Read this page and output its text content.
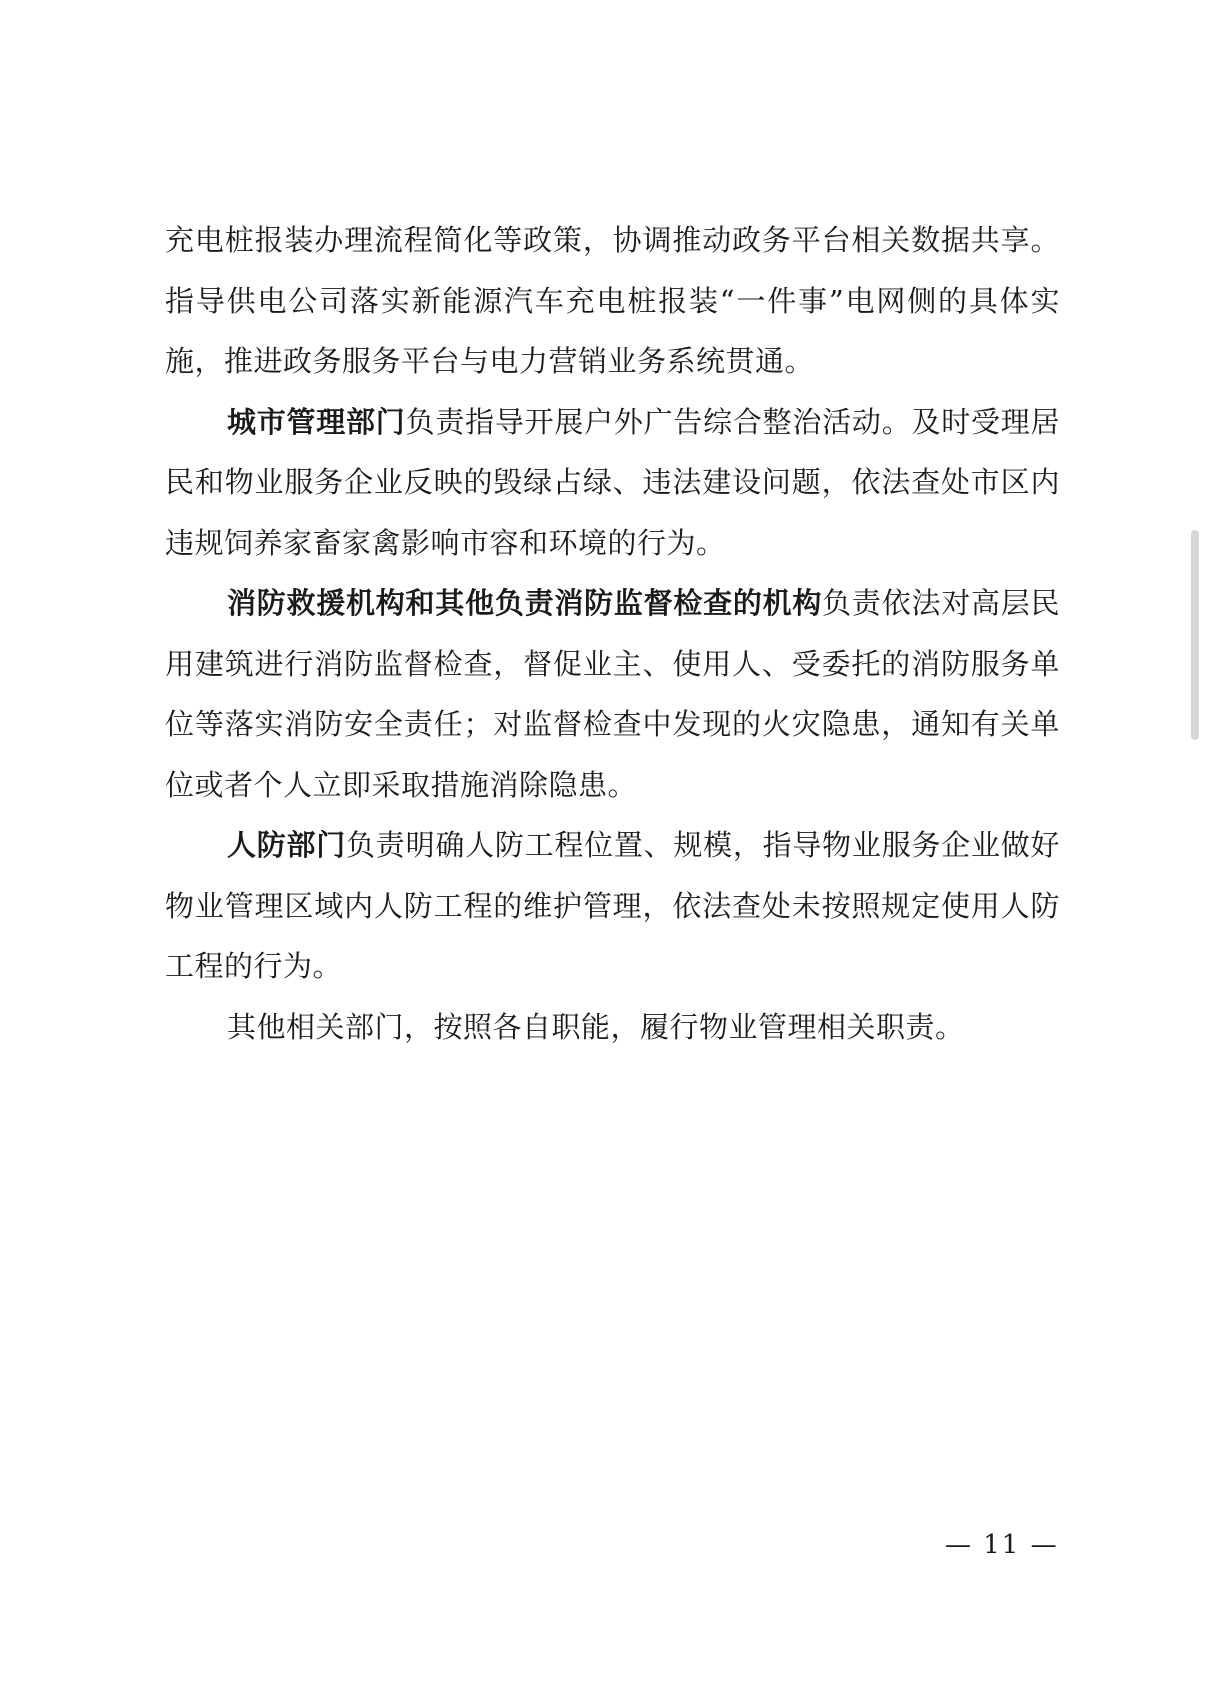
充电桩报装办理流程简化等政策，协调推动政务平台相关数据共享。指导供电公司落实新能源汽车充电桩报装“一件事”电网侧的具体实施，推进政务服务平台与电力营销业务系统贯通。

城市管理部门负责指导开展户外广告综合整治活动。及时受理居民和物业服务企业反映的毁绿占绿、违法建设问题，依法查处市区内违规饲养家畜家禽影响市容和环境的行为。

消防救援机构和其他负责消防监督检查的机构负责依法对高层民用建筑进行消防监督检查，督促业主、使用人、受委托的消防服务单位等落实消防安全责任；对监督检查中发现的火灾隐患，通知有关单位或者个人立即采取措施消除隐患。

人防部门负责明确人防工程位置、规模，指导物业服务企业做好物业管理区域内人防工程的维护管理，依法查处未按照规定使用人防工程的行为。

其他相关部门，按照各自职能，履行物业管理相关职责。

— 11 —
